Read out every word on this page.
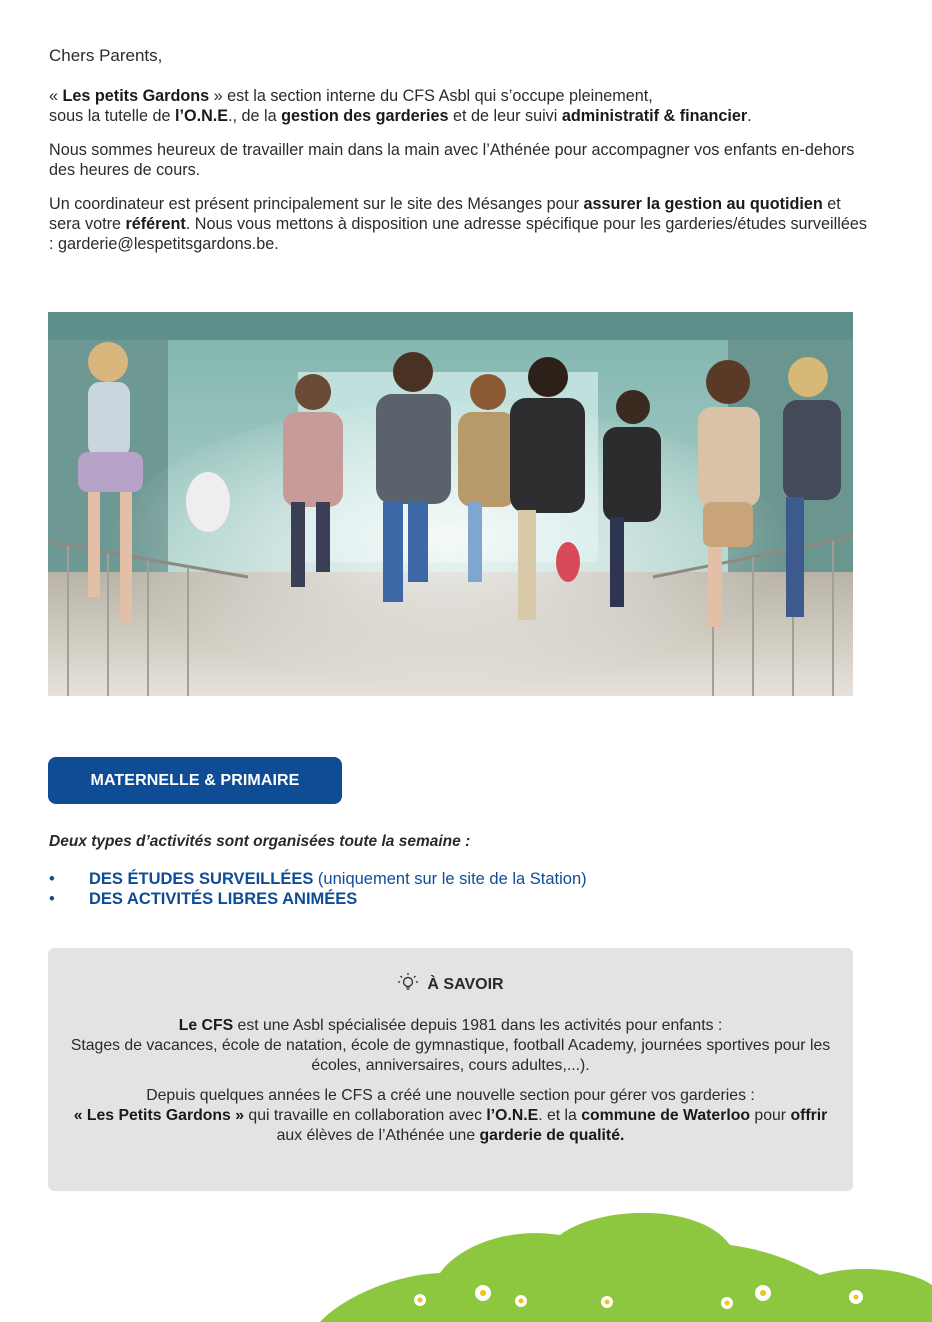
Chers Parents,

« Les petits Gardons » est la section interne du CFS Asbl qui s’occupe pleinement,
sous la tutelle de l’O.N.E., de la gestion des garderies et de leur suivi administratif & financier.

Nous sommes heureux de travailler main dans la main avec l’Athénée pour accompagner vos enfants en-dehors des heures de cours.

Un coordinateur est présent principalement sur le site des Mésanges pour assurer la gestion au quotidien et sera votre référent. Nous vous mettons à disposition une adresse spécifique pour les garderies/études surveillées : garderie@lespetitsgardons.be.

MATERNELLE & PRIMAIRE

Deux types d’activités sont organisées toute la semaine :

•	DES ÉTUDES SURVEILLÉES (uniquement sur le site de la Station)
•	DES ACTIVITÉS LIBRES ANIMÉES
À SAVOIR

Le CFS est une Asbl spécialisée depuis 1981 dans les activités pour enfants :
Stages de vacances, école de natation, école de gymnastique, football Academy, journées sportives pour les écoles, anniversaires, cours adultes,...).

Depuis quelques années le CFS a créé une nouvelle section pour gérer vos garderies :
« Les Petits Gardons » qui travaille en collaboration avec l’O.N.E. et la commune de Waterloo pour offrir aux élèves de l’Athénée une garderie de qualité.
